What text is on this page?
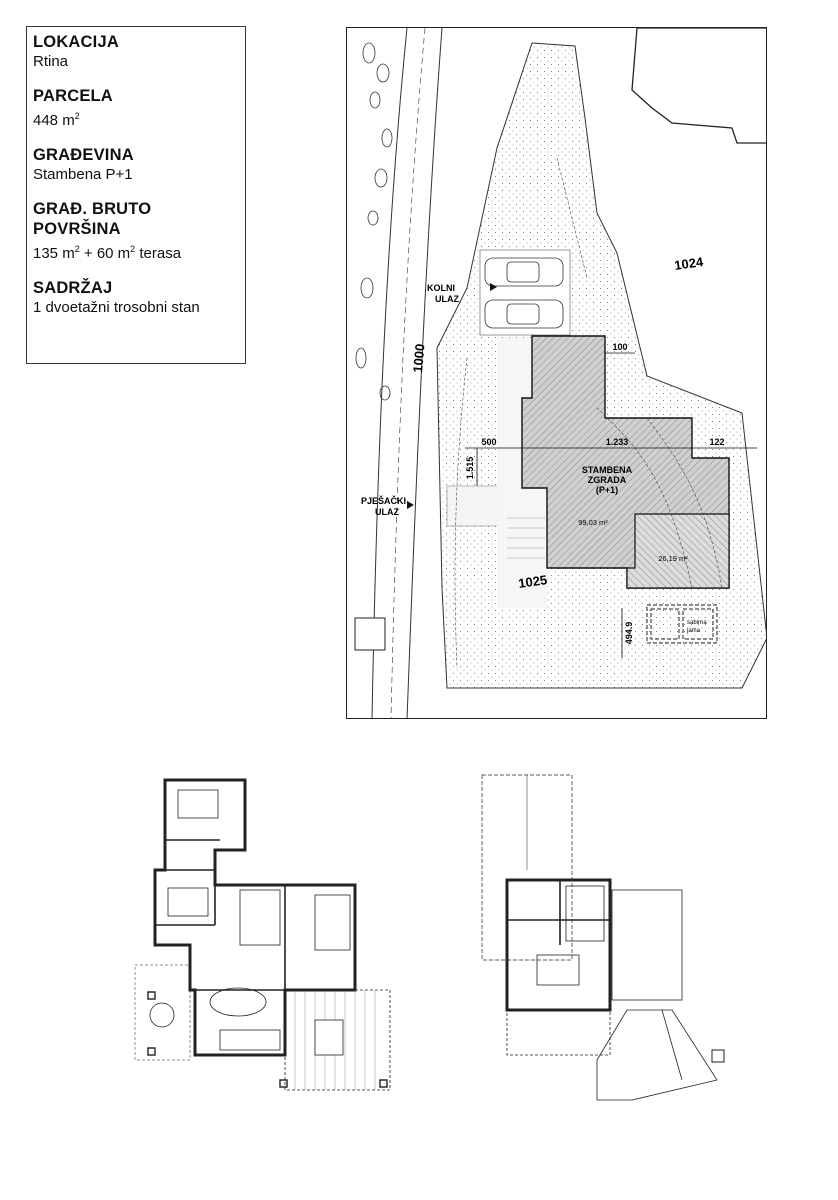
LOKACIJA
Rtina
PARCELA
448 $m^2$
GRAĐEVINA
Stambena P+1
GRAĐ. BRUTO POVRŠINA
135 $m^2 + 60$ $m^2$ terasa
SADRŽAJ
1 dvoetažni trosobni stan
1024
1000
1025
KOLNI
ULAZ
PJEŠAČKI
ULAZ
STAMBENA
ZGRADA
(P+1)
99,03 m²
26,19 m²
100
500	1.233	122
1.515
494.9	sabirna
jama
